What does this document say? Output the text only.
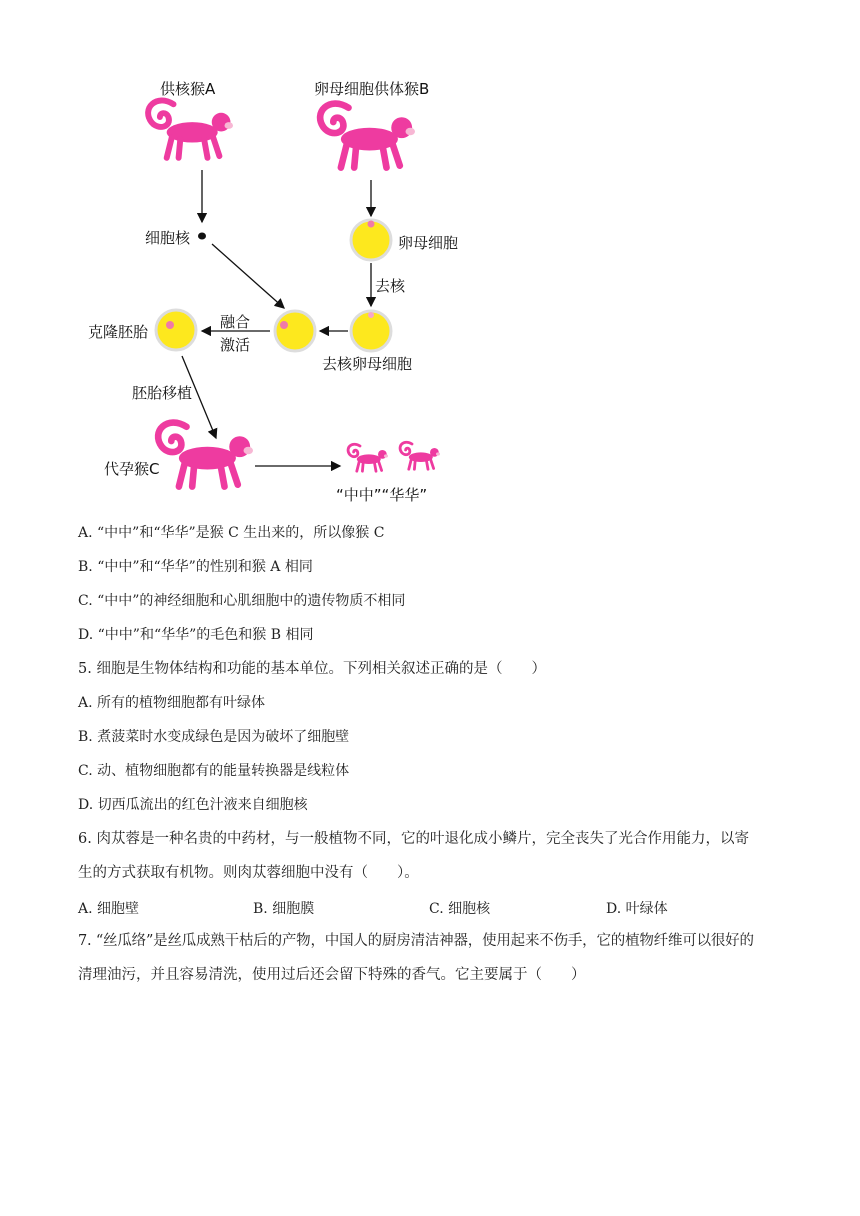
供核猴A	卵母细胞供体猴B
细胞核	卵母细胞
去核
去核卵母细胞
融合
激活
克隆胚胎
胚胎移植
代孕猴C
“中中”“华华”
A. “中中”和“华华”是猴 C 生出来的，所以像猴 C
B. “中中”和“华华”的性别和猴 A 相同
C. “中中”的神经细胞和心肌细胞中的遗传物质不相同
D. “中中”和“华华”的毛色和猴 B 相同
5. 细胞是生物体结构和功能的基本单位。下列相关叙述正确的是（　　）
A. 所有的植物细胞都有叶绿体
B. 煮菠菜时水变成绿色是因为破坏了细胞壁
C. 动、植物细胞都有的能量转换器是线粒体
D. 切西瓜流出的红色汁液来自细胞核
6. 肉苁蓉是一种名贵的中药材，与一般植物不同，它的叶退化成小鳞片，完全丧失了光合作用能力，以寄
生的方式获取有机物。则肉苁蓉细胞中没有（　　）。
A. 细胞壁	B. 细胞膜	C. 细胞核	D. 叶绿体
7. “丝瓜络”是丝瓜成熟干枯后的产物，中国人的厨房清洁神器，使用起来不伤手，它的植物纤维可以很好的
清理油污，并且容易清洗，使用过后还会留下特殊的香气。它主要属于（　　）
